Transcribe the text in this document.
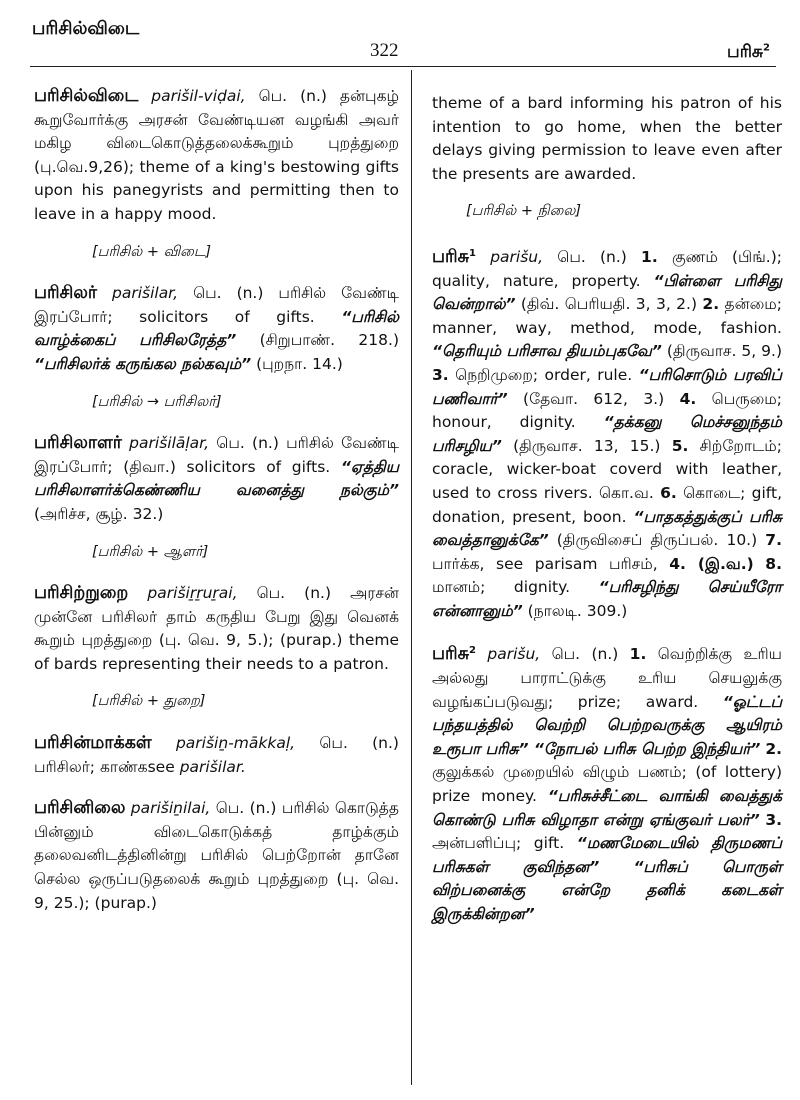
பரிசில்விடை
322	பரிசு$^2$
பரிசில்விடை parišil-viḍai, பெ. (n.) தன்புகழ் கூறுவோர்க்கு அரசன் வேண்டியன வழங்கி அவர் மகிழ விடைகொடுத்தலைக்கூறும் புறத்துறை (பு.வெ.9,26); theme of a king's bestowing gifts upon his panegyrists and permitting then to leave in a happy mood.

[பரிசில் + விடை]

பரிசிலர் parišilar, பெ. (n.) பரிசில் வேண்டி இரப்போர்; solicitors of gifts. “பரிசில் வாழ்க்கைப் பரிசிலரேத்த” (சிறுபாண். 218.) “பரிசிலர்க் கருங்கல நல்கவும்” (புறநா. 14.)

[பரிசில் → பரிசிலர்]

பரிசிலாளர் parišilāḷar, பெ. (n.) பரிசில் வேண்டி இரப்போர்; (திவா.) solicitors of gifts. “ஏத்திய பரிசிலாளர்க்கெண்ணிய வனைத்து நல்கும்” (அரிச்ச, சூழ். 32.)

[பரிசில் + ஆளர்]

பரிசிற்றுறை parišiṟṟuṟai, பெ. (n.) அரசன் முன்னே பரிசிலர் தாம் கருதிய பேறு இது வெனக் கூறும் புறத்துறை (பு. வெ. 9, 5.); (purap.) theme of bards representing their needs to a patron.

[பரிசில் + துறை]

பரிசின்மாக்கள் parišiṉ-mākkaḷ, பெ. (n.) பரிசிலர்; காண்கsee parišilar.
பரிசினிலை parišiṉilai, பெ. (n.) பரிசில் கொடுத்த பின்னும் விடைகொடுக்கத் தாழ்க்கும் தலைவனிடத்தினின்று பரிசில் பெற்றோன் தானே செல்ல ஒருப்படுதலைக் கூறும் புறத்துறை (பு. வெ. 9, 25.); (purap.)
theme of a bard informing his patron of his intention to go home, when the better delays giving permission to leave even after the presents are awarded.

[பரிசில் + நிலை]

பரிசு$^1$ parišu, பெ. (n.) 1. குணம் (பிங்.); quality, nature, property. “பிள்ளை பரிசிது வென்றால்” (திவ். பெரியதி. 3, 3, 2.) 2. தன்மை; manner, way, method, mode, fashion. “தெரியும் பரிசாவ தியம்புகவே” (திருவாச. 5, 9.) 3. நெறிமுறை; order, rule. “பரிசொடும் பரவிப் பணிவார்” (தேவா. 612, 3.) 4. பெருமை; honour, dignity. “தக்கனு மெச்சனுந்தம் பரிசழிய” (திருவாச. 13, 15.) 5. சிற்றோடம்; coracle, wicker-boat coverd with leather, used to cross rivers. கொ.வ. 6. கொடை; gift, donation, present, boon. “பாதகத்துக்குப் பரிசு வைத்தானுக்கே” (திருவிசைப் திருப்பல். 10.) 7. பார்க்க, see parisam பரிசம், 4. (இ.வ.) 8. மானம்; dignity. “பரிசழிந்து செய்யீரோ என்னானும்” (நாலடி. 309.)
பரிசு$^2$ parišu, பெ. (n.) 1. வெற்றிக்கு உரிய அல்லது பாராட்டுக்கு உரிய செயலுக்கு வழங்கப்படுவது; prize; award. “ஓட்டப் பந்தயத்தில் வெற்றி பெற்றவருக்கு ஆயிரம் உரூபா பரிசு” “நோபல் பரிசு பெற்ற இந்தியர்” 2. குலுக்கல் முறையில் விழும் பணம்; (of lottery) prize money. “பரிசுச்சீட்டை வாங்கி வைத்துக் கொண்டு பரிசு விழாதா என்று ஏங்குவர் பலர்” 3. அன்பளிப்பு; gift. “மணமேடையில் திருமணப் பரிசுகள் குவிந்தன” “பரிசுப் பொருள் விற்பனைக்கு என்றே தனிக் கடைகள் இருக்கின்றன”
